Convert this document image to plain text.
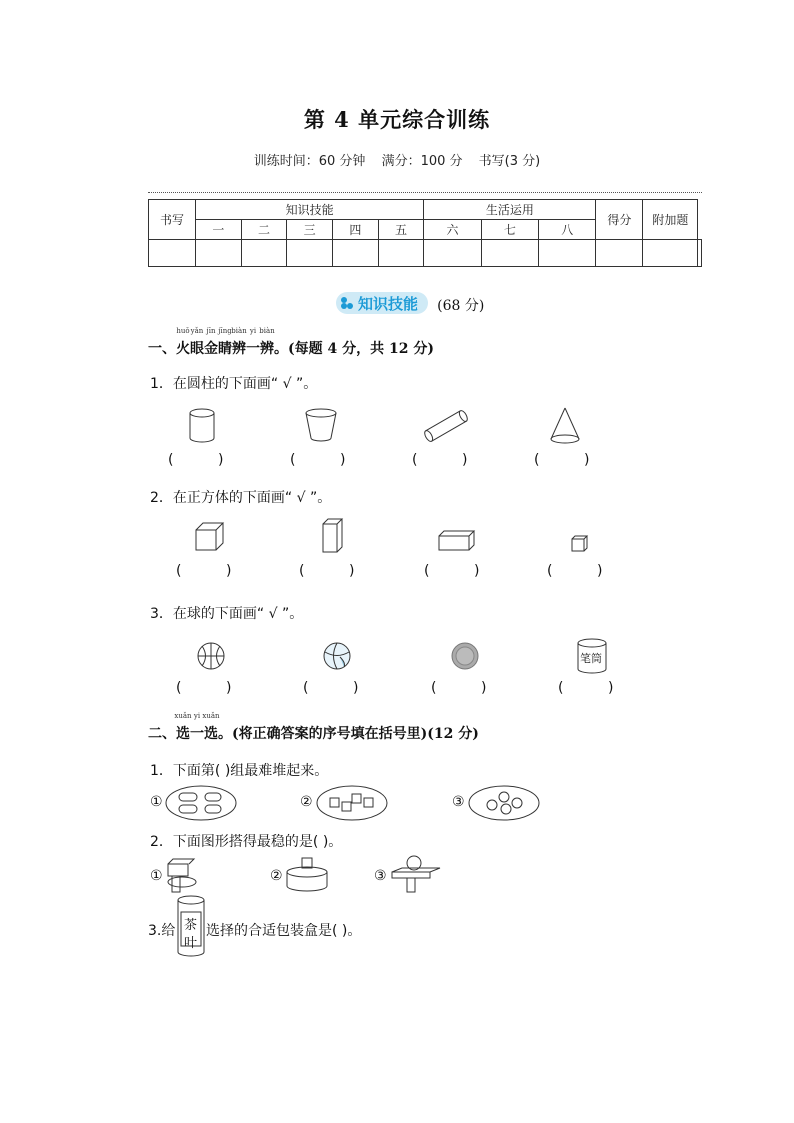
第 4 单元综合训练
训练时间：60 分钟 满分：100 分 书写(3 分)
书写	知识技能					生活运用			得分	附加题	
	一	二	三	四	五	六	七	八			

知识技能 (68 分)
一、
huǒ
火
yǎn
眼
jīn
金
jīng
睛
biàn
辨
yi
一
biàn
辨。(每题 4 分，共 12 分)
1．在圆柱的下面画“ √ ”。
(          )	(          )	(          )	(          )
2．在正方体的下面画“ √ ”。
(          )	(          )	(          )	(          )
3．在球的下面画“ √ ”。
笔筒
(          )	(          )	(          )	(          )
二、
xuǎn
选
yi
一
xuǎn
选。(将正确答案的序号填在括号里)(12 分)
1．下面第( )组最难堆起来。
①	②	③
2．下面图形搭得最稳的是( )。
①	②	③
3.给 茶
叶
选择的合适包装盒是( )。
